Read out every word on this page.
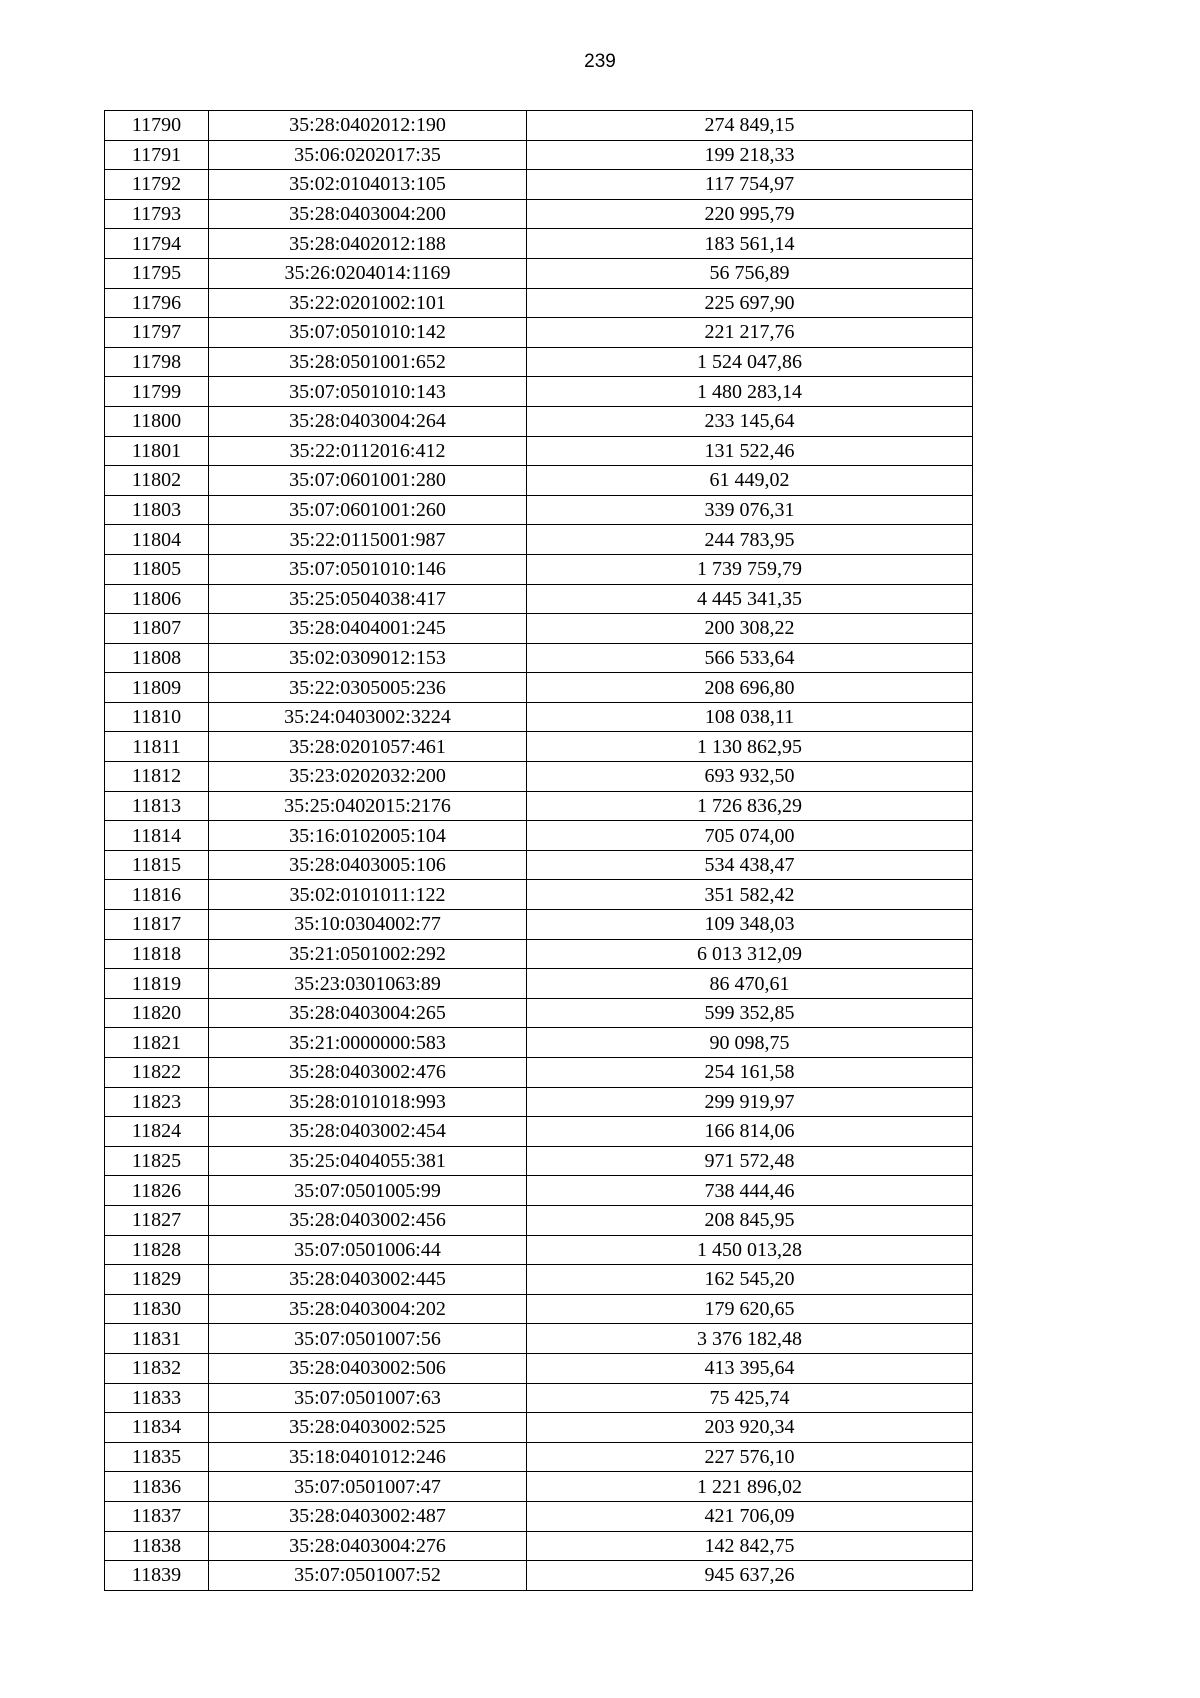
239
11790	35:28:0402012:190	274 849,15
11791	35:06:0202017:35	199 218,33
11792	35:02:0104013:105	117 754,97
11793	35:28:0403004:200	220 995,79
11794	35:28:0402012:188	183 561,14
11795	35:26:0204014:1169	56 756,89
11796	35:22:0201002:101	225 697,90
11797	35:07:0501010:142	221 217,76
11798	35:28:0501001:652	1 524 047,86
11799	35:07:0501010:143	1 480 283,14
11800	35:28:0403004:264	233 145,64
11801	35:22:0112016:412	131 522,46
11802	35:07:0601001:280	61 449,02
11803	35:07:0601001:260	339 076,31
11804	35:22:0115001:987	244 783,95
11805	35:07:0501010:146	1 739 759,79
11806	35:25:0504038:417	4 445 341,35
11807	35:28:0404001:245	200 308,22
11808	35:02:0309012:153	566 533,64
11809	35:22:0305005:236	208 696,80
11810	35:24:0403002:3224	108 038,11
11811	35:28:0201057:461	1 130 862,95
11812	35:23:0202032:200	693 932,50
11813	35:25:0402015:2176	1 726 836,29
11814	35:16:0102005:104	705 074,00
11815	35:28:0403005:106	534 438,47
11816	35:02:0101011:122	351 582,42
11817	35:10:0304002:77	109 348,03
11818	35:21:0501002:292	6 013 312,09
11819	35:23:0301063:89	86 470,61
11820	35:28:0403004:265	599 352,85
11821	35:21:0000000:583	90 098,75
11822	35:28:0403002:476	254 161,58
11823	35:28:0101018:993	299 919,97
11824	35:28:0403002:454	166 814,06
11825	35:25:0404055:381	971 572,48
11826	35:07:0501005:99	738 444,46
11827	35:28:0403002:456	208 845,95
11828	35:07:0501006:44	1 450 013,28
11829	35:28:0403002:445	162 545,20
11830	35:28:0403004:202	179 620,65
11831	35:07:0501007:56	3 376 182,48
11832	35:28:0403002:506	413 395,64
11833	35:07:0501007:63	75 425,74
11834	35:28:0403002:525	203 920,34
11835	35:18:0401012:246	227 576,10
11836	35:07:0501007:47	1 221 896,02
11837	35:28:0403002:487	421 706,09
11838	35:28:0403004:276	142 842,75
11839	35:07:0501007:52	945 637,26
